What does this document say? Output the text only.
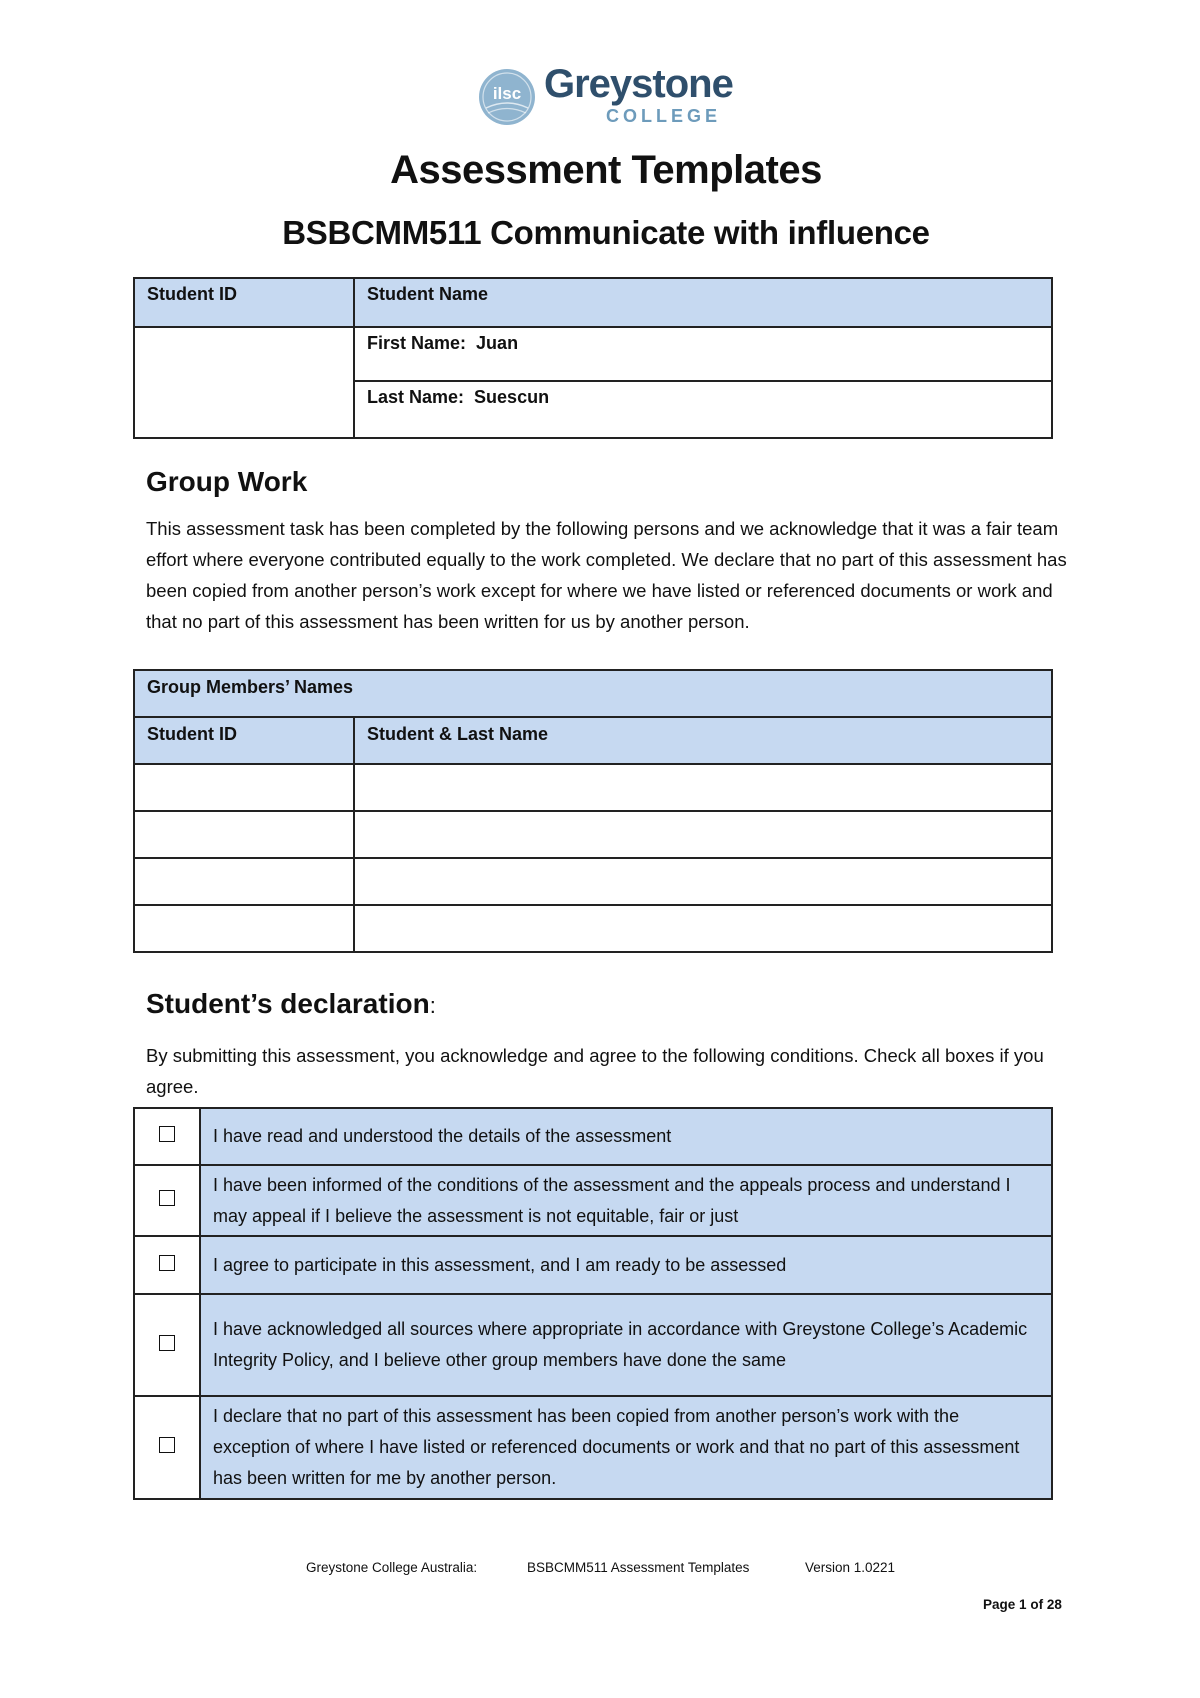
ilsc Greystone
COLLEGE
Assessment Templates
BSBCMM511 Communicate with influence
Student ID	Student Name
	First Name: Juan
	Last Name: Suescun
Group Work

This assessment task has been completed by the following persons and we acknowledge that it was a fair team effort where everyone contributed equally to the work completed. We declare that no part of this assessment has been copied from another person’s work except for where we have listed or referenced documents or work and that no part of this assessment has been written for us by another person.

Group Members’ Names	
Student ID	Student & Last Name

Student’s declaration:

By submitting this assessment, you acknowledge and agree to the following conditions. Check all boxes if you agree.

	I have read and understood the details of the assessment
	I have been informed of the conditions of the assessment and the appeals process and understand I may appeal if I believe the assessment is not equitable, fair or just
	I agree to participate in this assessment, and I am ready to be assessed
	I have acknowledged all sources where appropriate in accordance with Greystone College’s Academic Integrity Policy, and I believe other group members have done the same
	I declare that no part of this assessment has been copied from another person’s work with the exception of where I have listed or referenced documents or work and that no part of this assessment has been written for me by another person.
Greystone College Australia:	BSBCMM511 Assessment Templates	Version 1.0221
Page 1 of 28
